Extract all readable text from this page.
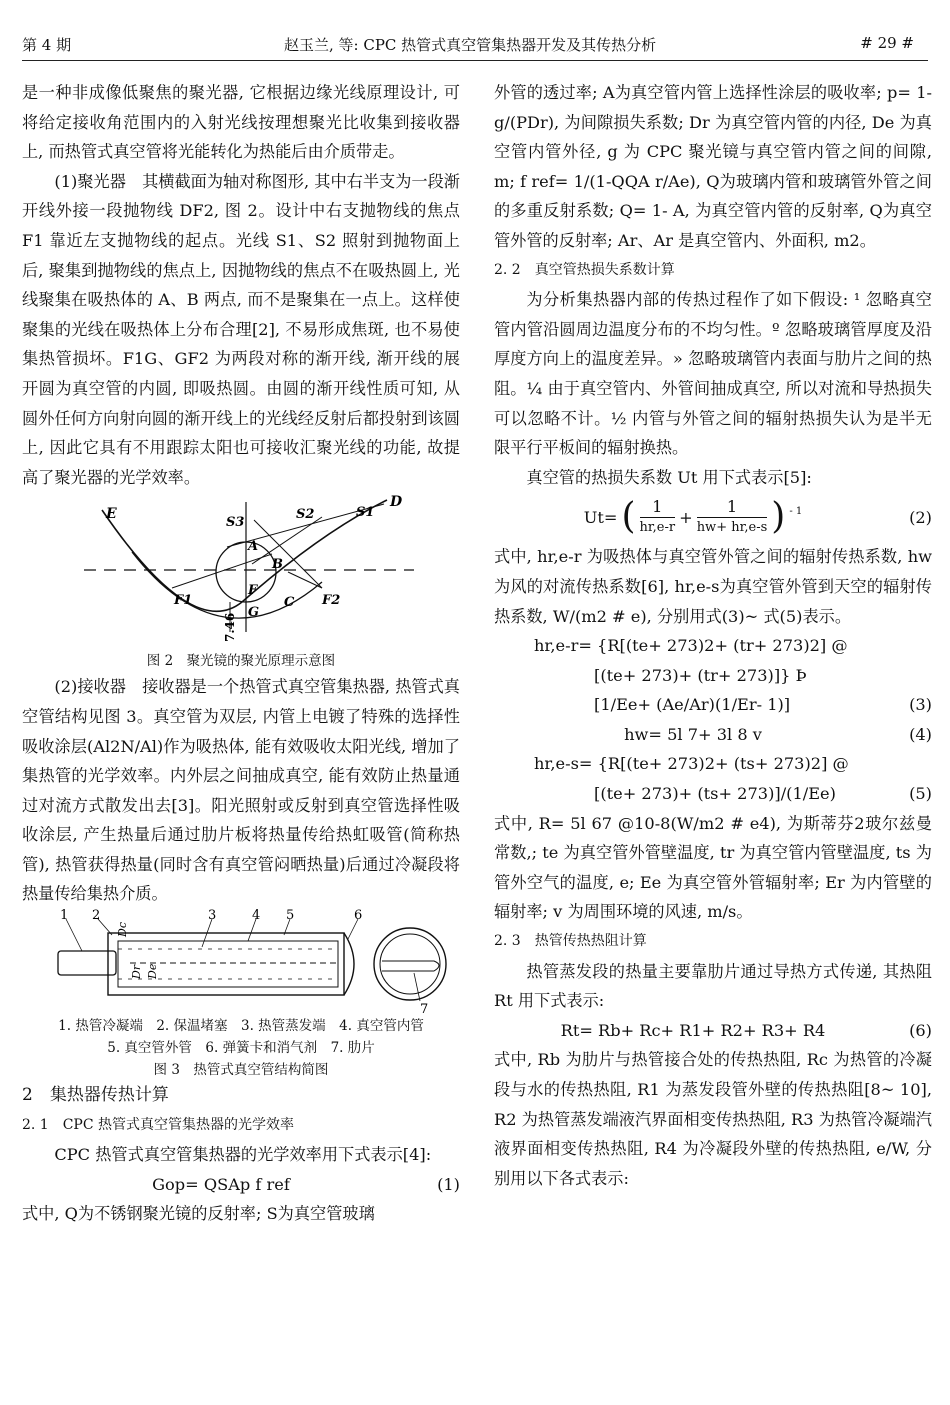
第 4 期	赵玉兰, 等: CPC 热管式真空管集热器开发及其传热分析	# 29 #

是一种非成像低聚焦的聚光器, 它根据边缘光线原理设计, 可将给定接收角范围内的入射光线按理想聚光比收集到接收器上, 而热管式真空管将光能转化为热能后由介质带走。

(1)聚光器　其横截面为轴对称图形, 其中右半支为一段渐开线外接一段抛物线 DF2, 图 2。设计中右支抛物线的焦点 F1 靠近左支抛物线的起点。光线 S1、S2 照射到抛物面上后, 聚集到抛物线的焦点上, 因抛物线的焦点不在吸热圆上, 光线聚集在吸热体的 A、B 两点, 而不是聚集在一点上。这样使聚集的光线在吸热体上分布合理[2], 不易形成焦斑, 也不易使集热管损坏。F1G、GF2 为两段对称的渐开线, 渐开线的展开圆为真空管的内圆, 即吸热圆。由圆的渐开线性质可知, 从圆外任何方向射向圆的渐开线上的光线经反射后都投射到该圆上, 因此它具有不用跟踪太阳也可接收汇聚光线的功能, 故提高了聚光器的光学效率。

E
D
S1
S2
S3
A
B
F
F1	F2
G
C
7.46

图 2　聚光镜的聚光原理示意图

(2)接收器　接收器是一个热管式真空管集热器, 热管式真空管结构见图 3。真空管为双层, 内管上电镀了特殊的选择性吸收涂层(Al2N/Al)作为吸热体, 能有效吸收太阳光线, 增加了集热管的光学效率。内外层之间抽成真空, 能有效防止热量通过对流方式散发出去[3]。阳光照射或反射到真空管选择性吸收涂层, 产生热量后通过肋片板将热量传给热虹吸管(简称热管), 热管获得热量(同时含有真空管闷晒热量)后通过冷凝段将热量传给集热介质。

1 2	3	4 5	6
7
Dc
Dr De

1. 热管冷凝端　2. 保温堵塞　3. 热管蒸发端　4. 真空管内管

5. 真空管外管　6. 弹簧卡和消气剂　7. 肋片

图 3　热管式真空管结构简图

2　集热器传热计算

2. 1　CPC 热管式真空管集热器的光学效率

CPC 热管式真空管集热器的光学效率用下式表示[4]:

Gop= QSAp f ref	(1)

式中, Q为不锈钢聚光镜的反射率; S为真空管玻璃

外管的透过率; A为真空管内管上选择性涂层的吸收率; p= 1- g/(PDr), 为间隙损失系数; Dr 为真空管内管的内径, De 为真空管内管外径, g 为 CPC 聚光镜与真空管内管之间的间隙, m; f ref= 1/(1-QQA r/Ae), Q为玻璃内管和玻璃管外管之间的多重反射系数; Q= 1- A, 为真空管内管的反射率, Q为真空管外管的反射率; Ar、Ar 是真空管内、外面积, m2。

2. 2　真空管热损失系数计算

为分析集热器内部的传热过程作了如下假设: ¹ 忽略真空管内管沿圆周边温度分布的不均匀性。º 忽略玻璃管厚度及沿厚度方向上的温度差异。» 忽略玻璃管内表面与肋片之间的热阻。¼ 由于真空管内、外管间抽成真空, 所以对流和导热损失可以忽略不计。½ 内管与外管之间的辐射热损失认为是半无限平行平板间的辐射换热。

真空管的热损失系数 Ut 用下式表示[5]:

Ut= ( 1
hr,e-r
+
1
hw+ hr,e-s ) - 1	(2)

式中, hr,e-r 为吸热体与真空管外管之间的辐射传热系数, hw为风的对流传热系数[6], hr,e-s为真空管外管到天空的辐射传热系数, W/(m2 # e), 分别用式(3)~ 式(5)表示。

hr,e-r= {R[(te+ 273)2+ (tr+ 273)2] @
[(te+ 273)+ (tr+ 273)]} Þ
[1/Ee+ (Ae/Ar)(1/Er- 1)]	(3)
hw= 5l 7+ 3l 8 v	(4)
hr,e-s= {R[(te+ 273)2+ (ts+ 273)2] @
[(te+ 273)+ (ts+ 273)]/(1/Ee)	(5)

式中, R= 5l 67 @10-8(W/m2 # e4), 为斯蒂芬2玻尔兹曼常数,; te 为真空管外管壁温度, tr 为真空管内管壁温度, ts 为管外空气的温度, e; Ee 为真空管外管辐射率; Er 为内管壁的辐射率; v 为周围环境的风速, m/s。

2. 3　热管传热热阻计算

热管蒸发段的热量主要靠肋片通过导热方式传递, 其热阻 Rt 用下式表示:

Rt= Rb+ Rc+ R1+ R2+ R3+ R4	(6)

式中, Rb 为肋片与热管接合处的传热热阻, Rc 为热管的冷凝段与水的传热热阻, R1 为蒸发段管外壁的传热热阻[8~ 10], R2 为热管蒸发端液汽界面相变传热热阻, R3 为热管冷凝端汽液界面相变传热热阻, R4 为冷凝段外壁的传热热阻, e/W, 分别用以下各式表示:
